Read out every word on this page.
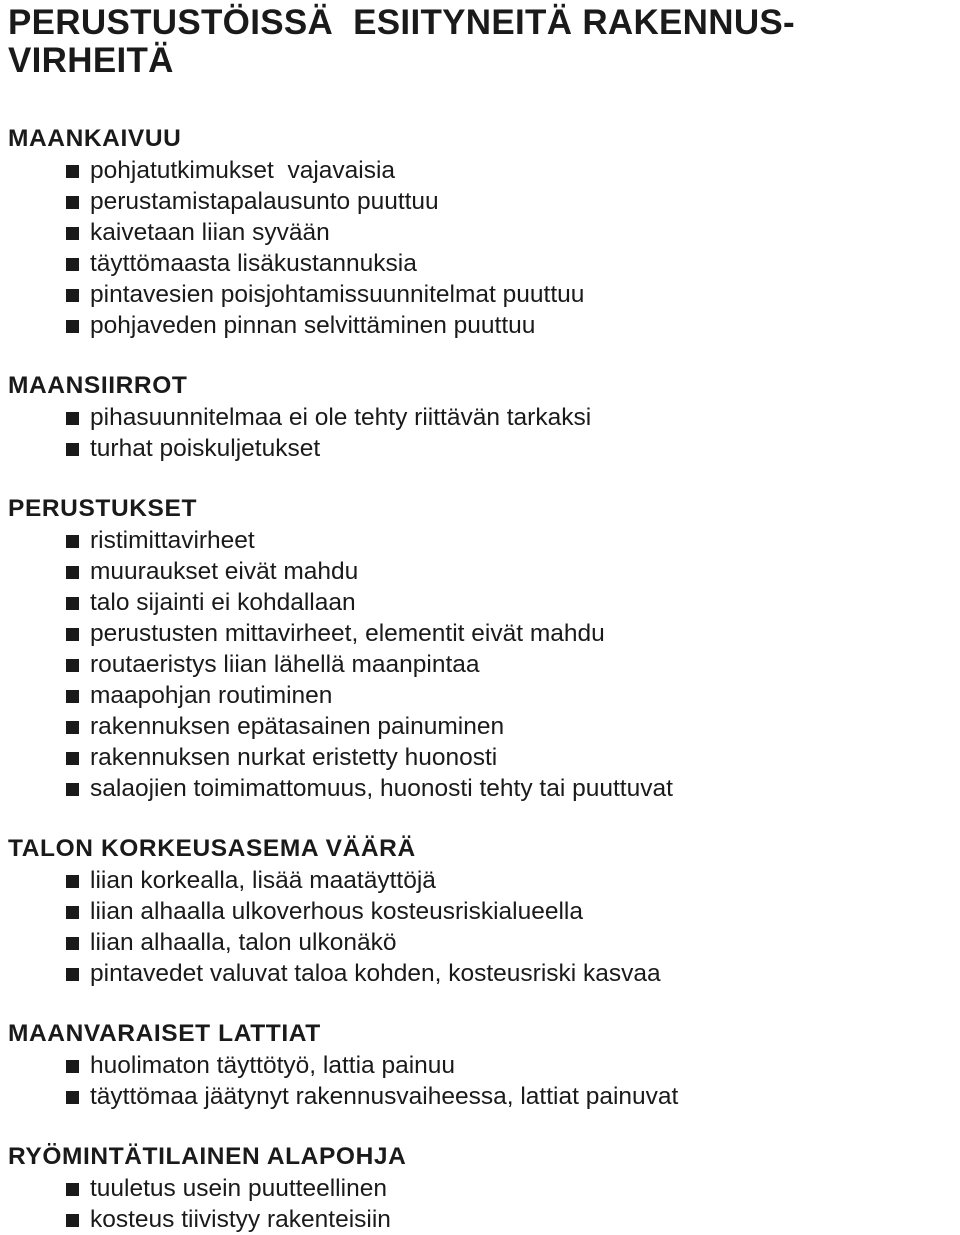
PERUSTUSTÖISSÄ  ESIITYNEITÄ RAKENNUS-
VIRHEITÄ
MAANKAIVUU
pohjatutkimukset  vajavaisia
perustamistapalausunto puuttuu
kaivetaan liian syvään
täyttömaasta lisäkustannuksia
pintavesien poisjohtamissuunnitelmat puuttuu
pohjaveden pinnan selvittäminen puuttuu
MAANSIIRROT
pihasuunnitelmaa ei ole tehty riittävän tarkaksi
turhat poiskuljetukset
PERUSTUKSET
ristimittavirheet
muuraukset eivät mahdu
talo sijainti ei kohdallaan
perustusten mittavirheet, elementit eivät mahdu
routaeristys liian lähellä maanpintaa
maapohjan routiminen
rakennuksen epätasainen painuminen
rakennuksen nurkat eristetty huonosti
salaojien toimimattomuus, huonosti tehty tai puuttuvat
TALON KORKEUSASEMA VÄÄRÄ
liian korkealla, lisää maatäyttöjä
liian alhaalla ulkoverhous kosteusriskialueella
liian alhaalla, talon ulkonäkö
pintavedet valuvat taloa kohden, kosteusriski kasvaa
MAANVARAISET LATTIAT
huolimaton täyttötyö, lattia painuu
täyttömaa jäätynyt rakennusvaiheessa, lattiat painuvat
RYÖMINTÄTILAINEN ALAPOHJA
tuuletus usein puutteellinen
kosteus tiivistyy rakenteisiin
